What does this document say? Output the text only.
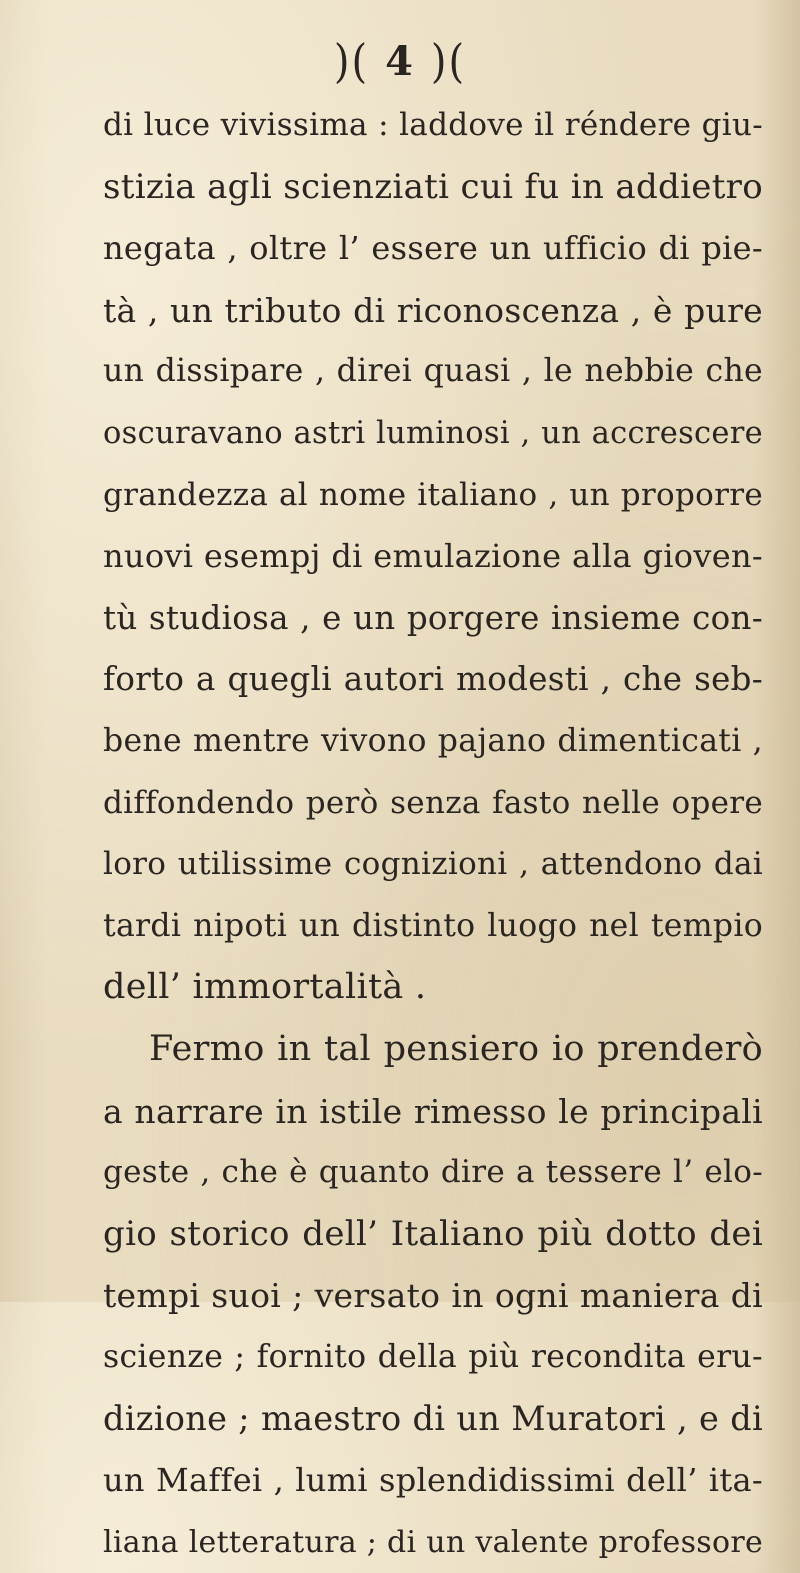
)( 4 )(
di luce vivissima : laddove il réndere giu-
stizia agli scienziati cui fu in addietro
negata , oltre l’ essere un ufficio di pie-
tà , un tributo di riconoscenza , è pure
un dissipare , direi quasi , le nebbie che
oscuravano astri luminosi , un accrescere
grandezza al nome italiano , un proporre
nuovi esempj di emulazione alla gioven-
tù studiosa , e un porgere insieme con-
forto a quegli autori modesti , che seb-
bene mentre vivono pajano dimenticati ,
diffondendo però senza fasto nelle opere
loro utilissime cognizioni , attendono dai
tardi nipoti un distinto luogo nel tempio
dell’ immortalità .
Fermo in tal pensiero io prenderò
a narrare in istile rimesso le principali
geste , che è quanto dire a tessere l’ elo-
gio storico dell’ Italiano più dotto dei
tempi suoi ; versato in ogni maniera di
scienze ; fornito della più recondita eru-
dizione ; maestro di un Muratori , e di
un Maffei , lumi splendidissimi dell’ ita-
liana letteratura ; di un valente professore
